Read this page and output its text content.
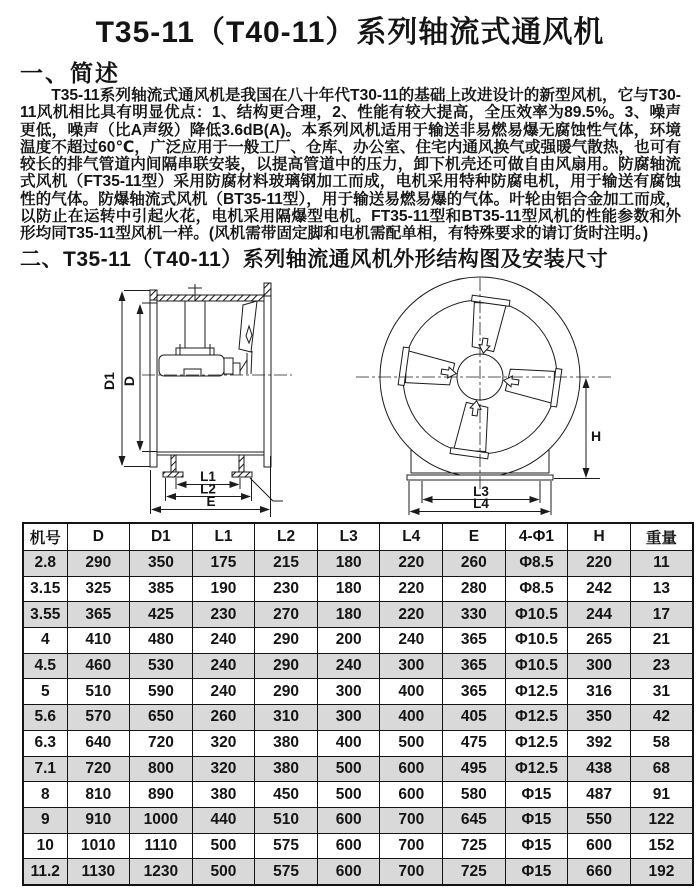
T35-11（T40-11）系列轴流式通风机
一、简述
T35-11系列轴流式通风机是我国在八十年代T30-11的基础上改进设计的新型风机，它与T30-11风机相比具有明显优点：1、结构更合理，2、性能有较大提高，全压效率为89.5%。3、噪声更低，噪声（比A声级）降低3.6dB(A)。本系列风机适用于输送非易燃易爆无腐蚀性气体，环境温度不超过60℃，广泛应用于一般工厂、仓库、办公室、住宅内通风换气或强暖气散热，也可有较长的排气管道内间隔串联安装，以提高管道中的压力，卸下机壳还可做自由风扇用。防腐轴流式风机（FT35-11型）采用防腐材料玻璃钢加工而成，电机采用特种防腐电机，用于输送有腐蚀性的气体。防爆轴流式风机（BT35-11型），用于输送易燃易爆的气体。叶轮由铝合金加工而成，以防止在运转中引起火花，电机采用隔爆型电机。FT35-11型和BT35-11型风机的性能参数和外形均同T35-11型风机一样。(风机需带固定脚和电机需配单相，有特殊要求的请订货时注明。)
二、T35-11（T40-11）系列轴流通风机外形结构图及安装尺寸
D1 D
L1
L2
E
H
L3
L4
机号	D	D1	L1	L2	L3	L4	E	4-Φ1	H	重量
2.8	290	350	175	215	180	220	260	Φ8.5	220	11
3.15	325	385	190	230	180	220	280	Φ8.5	242	13
3.55	365	425	230	270	180	220	330	Φ10.5	244	17
4	410	480	240	290	200	240	365	Φ10.5	265	21
4.5	460	530	240	290	240	300	365	Φ10.5	300	23
5	510	590	240	290	300	400	365	Φ12.5	316	31
5.6	570	650	260	310	300	400	405	Φ12.5	350	42
6.3	640	720	320	380	400	500	475	Φ12.5	392	58
7.1	720	800	320	380	500	600	495	Φ12.5	438	68
8	810	890	380	450	500	600	580	Φ15	487	91
9	910	1000	440	510	600	700	645	Φ15	550	122
10	1010	1110	500	575	600	700	725	Φ15	600	152
11.2	1130	1230	500	575	600	700	725	Φ15	660	192
